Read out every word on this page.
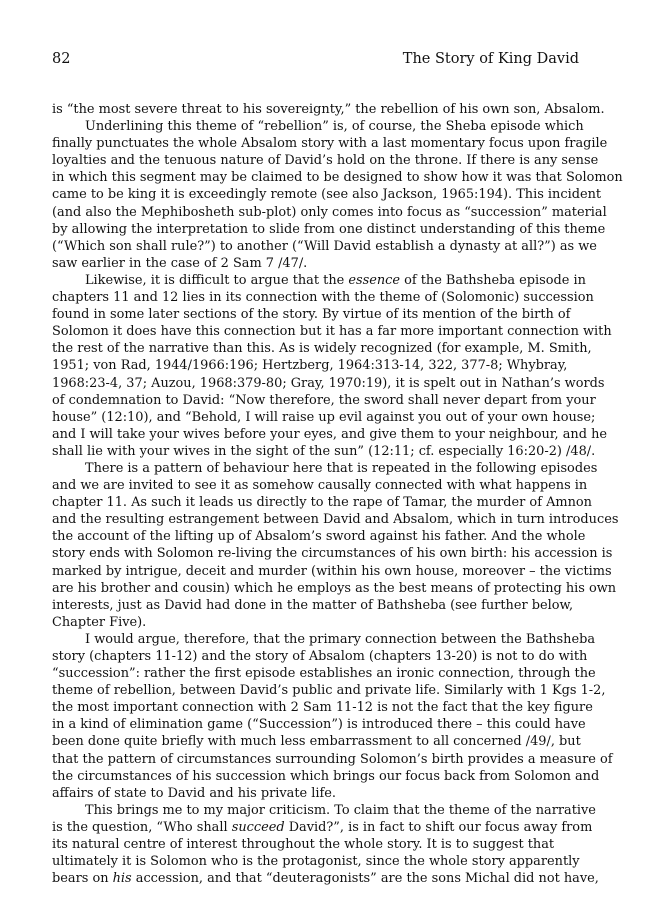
82	The Story of King David
is “the most severe threat to his sovereignty,” the rebellion of his own son, Absalom.
Underlining this theme of “rebellion” is, of course, the Sheba episode which
finally punctuates the whole Absalom story with a last momentary focus upon fragile
loyalties and the tenuous nature of David’s hold on the throne. If there is any sense
in which this segment may be claimed to be designed to show how it was that Solomon
came to be king it is exceedingly remote (see also Jackson, 1965:194). This incident
(and also the Mephibosheth sub-plot) only comes into focus as “succession” material
by allowing the interpretation to slide from one distinct understanding of this theme
(“Which son shall rule?”) to another (“Will David establish a dynasty at all?”) as we
saw earlier in the case of 2 Sam 7 /47/.
Likewise, it is difficult to argue that the essence of the Bathsheba episode in
chapters 11 and 12 lies in its connection with the theme of (Solomonic) succession
found in some later sections of the story. By virtue of its mention of the birth of
Solomon it does have this connection but it has a far more important connection with
the rest of the narrative than this. As is widely recognized (for example, M. Smith,
1951; von Rad, 1944/1966:196; Hertzberg, 1964:313-14, 322, 377-8; Whybray,
1968:23-4, 37; Auzou, 1968:379-80; Gray, 1970:19), it is spelt out in Nathan’s words
of condemnation to David: “Now therefore, the sword shall never depart from your
house” (12:10), and “Behold, I will raise up evil against you out of your own house;
and I will take your wives before your eyes, and give them to your neighbour, and he
shall lie with your wives in the sight of the sun” (12:11; cf. especially 16:20-2) /48/.
There is a pattern of behaviour here that is repeated in the following episodes
and we are invited to see it as somehow causally connected with what happens in
chapter 11. As such it leads us directly to the rape of Tamar, the murder of Amnon
and the resulting estrangement between David and Absalom, which in turn introduces
the account of the lifting up of Absalom’s sword against his father. And the whole
story ends with Solomon re-living the circumstances of his own birth: his accession is
marked by intrigue, deceit and murder (within his own house, moreover – the victims
are his brother and cousin) which he employs as the best means of protecting his own
interests, just as David had done in the matter of Bathsheba (see further below,
Chapter Five).
I would argue, therefore, that the primary connection between the Bathsheba
story (chapters 11-12) and the story of Absalom (chapters 13-20) is not to do with
“succession”: rather the first episode establishes an ironic connection, through the
theme of rebellion, between David’s public and private life. Similarly with 1 Kgs 1-2,
the most important connection with 2 Sam 11-12 is not the fact that the key figure
in a kind of elimination game (“Succession”) is introduced there – this could have
been done quite briefly with much less embarrassment to all concerned /49/, but
that the pattern of circumstances surrounding Solomon’s birth provides a measure of
the circumstances of his succession which brings our focus back from Solomon and
affairs of state to David and his private life.
This brings me to my major criticism. To claim that the theme of the narrative
is the question, “Who shall succeed David?”, is in fact to shift our focus away from
its natural centre of interest throughout the whole story. It is to suggest that
ultimately it is Solomon who is the protagonist, since the whole story apparently
bears on his accession, and that “deuteragonists” are the sons Michal did not have,
